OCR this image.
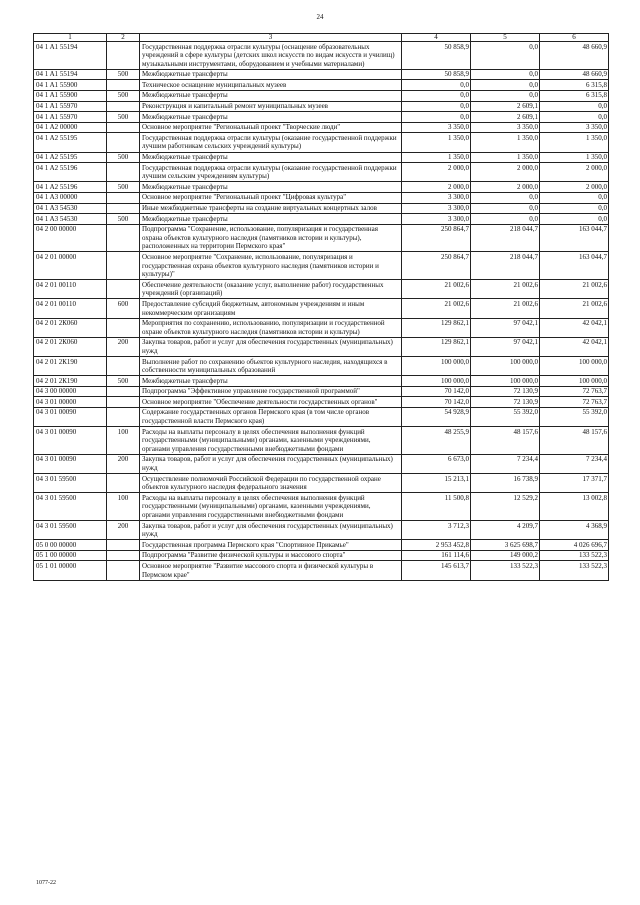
24
1	2	3	4	5	6
04 1 A1 55194		Государственная поддержка отрасли культуры (оснащение образовательных учреждений в сфере культуры (детских школ искусств по видам искусств и училищ) музыкальными инструментами, оборудованием и учебными материалами)	50 858,9	0,0	48 660,9
04 1 A1 55194	500	Межбюджетные трансферты	50 858,9	0,0	48 660,9
04 1 A1 55900		Техническое оснащение муниципальных музеев	0,0	0,0	6 315,8
04 1 A1 55900	500	Межбюджетные трансферты	0,0	0,0	6 315,8
04 1 A1 55970		Реконструкция и капитальный ремонт муниципальных музеев	0,0	2 609,1	0,0
04 1 A1 55970	500	Межбюджетные трансферты	0,0	2 609,1	0,0
04 1 A2 00000		Основное мероприятие "Региональный проект "Творческие люди"	3 350,0	3 350,0	3 350,0
04 1 A2 55195		Государственная поддержка отрасли культуры (оказание государственной поддержки лучшим работникам сельских учреждений культуры)	1 350,0	1 350,0	1 350,0
04 1 A2 55195	500	Межбюджетные трансферты	1 350,0	1 350,0	1 350,0
04 1 A2 55196		Государственная поддержка отрасли культуры (оказание государственной поддержки лучшим сельским учреждениям культуры)	2 000,0	2 000,0	2 000,0
04 1 A2 55196	500	Межбюджетные трансферты	2 000,0	2 000,0	2 000,0
04 1 A3 00000		Основное мероприятие "Региональный проект "Цифровая культура"	3 300,0	0,0	0,0
04 1 A3 54530		Иные межбюджетные трансферты на создание виртуальных концертных залов	3 300,0	0,0	0,0
04 1 A3 54530	500	Межбюджетные трансферты	3 300,0	0,0	0,0
04 2 00 00000		Подпрограмма "Сохранение, использование, популяризация и государственная охрана объектов культурного наследия (памятников истории и культуры), расположенных на территории Пермского края"	250 864,7	218 044,7	163 044,7
04 2 01 00000		Основное мероприятие "Сохранение, использование, популяризация и государственная охрана объектов культурного наследия (памятников истории и культуры)"	250 864,7	218 044,7	163 044,7
04 2 01 00110		Обеспечение деятельности (оказание услуг, выполнение работ) государственных учреждений (организаций)	21 002,6	21 002,6	21 002,6
04 2 01 00110	600	Предоставление субсидий бюджетным, автономным учреждениям и иным некоммерческим организациям	21 002,6	21 002,6	21 002,6
04 2 01 2К060		Мероприятия по сохранению, использованию, популяризации и государственной охране объектов культурного наследия (памятников истории и культуры)	129 862,1	97 042,1	42 042,1
04 2 01 2К060	200	Закупка товаров, работ и услуг для обеспечения государственных (муниципальных) нужд	129 862,1	97 042,1	42 042,1
04 2 01 2К190		Выполнение работ по сохранению объектов культурного наследия, находящихся в собственности муниципальных образований	100 000,0	100 000,0	100 000,0
04 2 01 2К190	500	Межбюджетные трансферты	100 000,0	100 000,0	100 000,0
04 3 00 00000		Подпрограмма "Эффективное управление государственной программой"	70 142,0	72 130,9	72 763,7
04 3 01 00000		Основное мероприятие "Обеспечение деятельности государственных органов"	70 142,0	72 130,9	72 763,7
04 3 01 00090		Содержание государственных органов Пермского края (в том числе органов государственной власти Пермского края)	54 928,9	55 392,0	55 392,0
04 3 01 00090	100	Расходы на выплаты персоналу в целях обеспечения выполнения функций государственными (муниципальными) органами, казенными учреждениями, органами управления государственными внебюджетными фондами	48 255,9	48 157,6	48 157,6
04 3 01 00090	200	Закупка товаров, работ и услуг для обеспечения государственных (муниципальных) нужд	6 673,0	7 234,4	7 234,4
04 3 01 59500		Осуществление полномочий Российской Федерации по государственной охране объектов культурного наследия федерального значения	15 213,1	16 738,9	17 371,7
04 3 01 59500	100	Расходы на выплаты персоналу в целях обеспечения выполнения функций государственными (муниципальными) органами, казенными учреждениями, органами управления государственными внебюджетными фондами	11 500,8	12 529,2	13 002,8
04 3 01 59500	200	Закупка товаров, работ и услуг для обеспечения государственных (муниципальных) нужд	3 712,3	4 209,7	4 368,9
05 0 00 00000		Государственная программа Пермского края "Спортивное Прикамье"	2 953 452,8	3 625 698,7	4 026 696,7
05 1 00 00000		Подпрограмма "Развитие физической культуры и массового спорта"	161 114,6	149 000,2	133 522,3
05 1 01 00000		Основное мероприятие "Развитие массового спорта и физической культуры в Пермском крае"	145 613,7	133 522,3	133 522,3
1077-22
